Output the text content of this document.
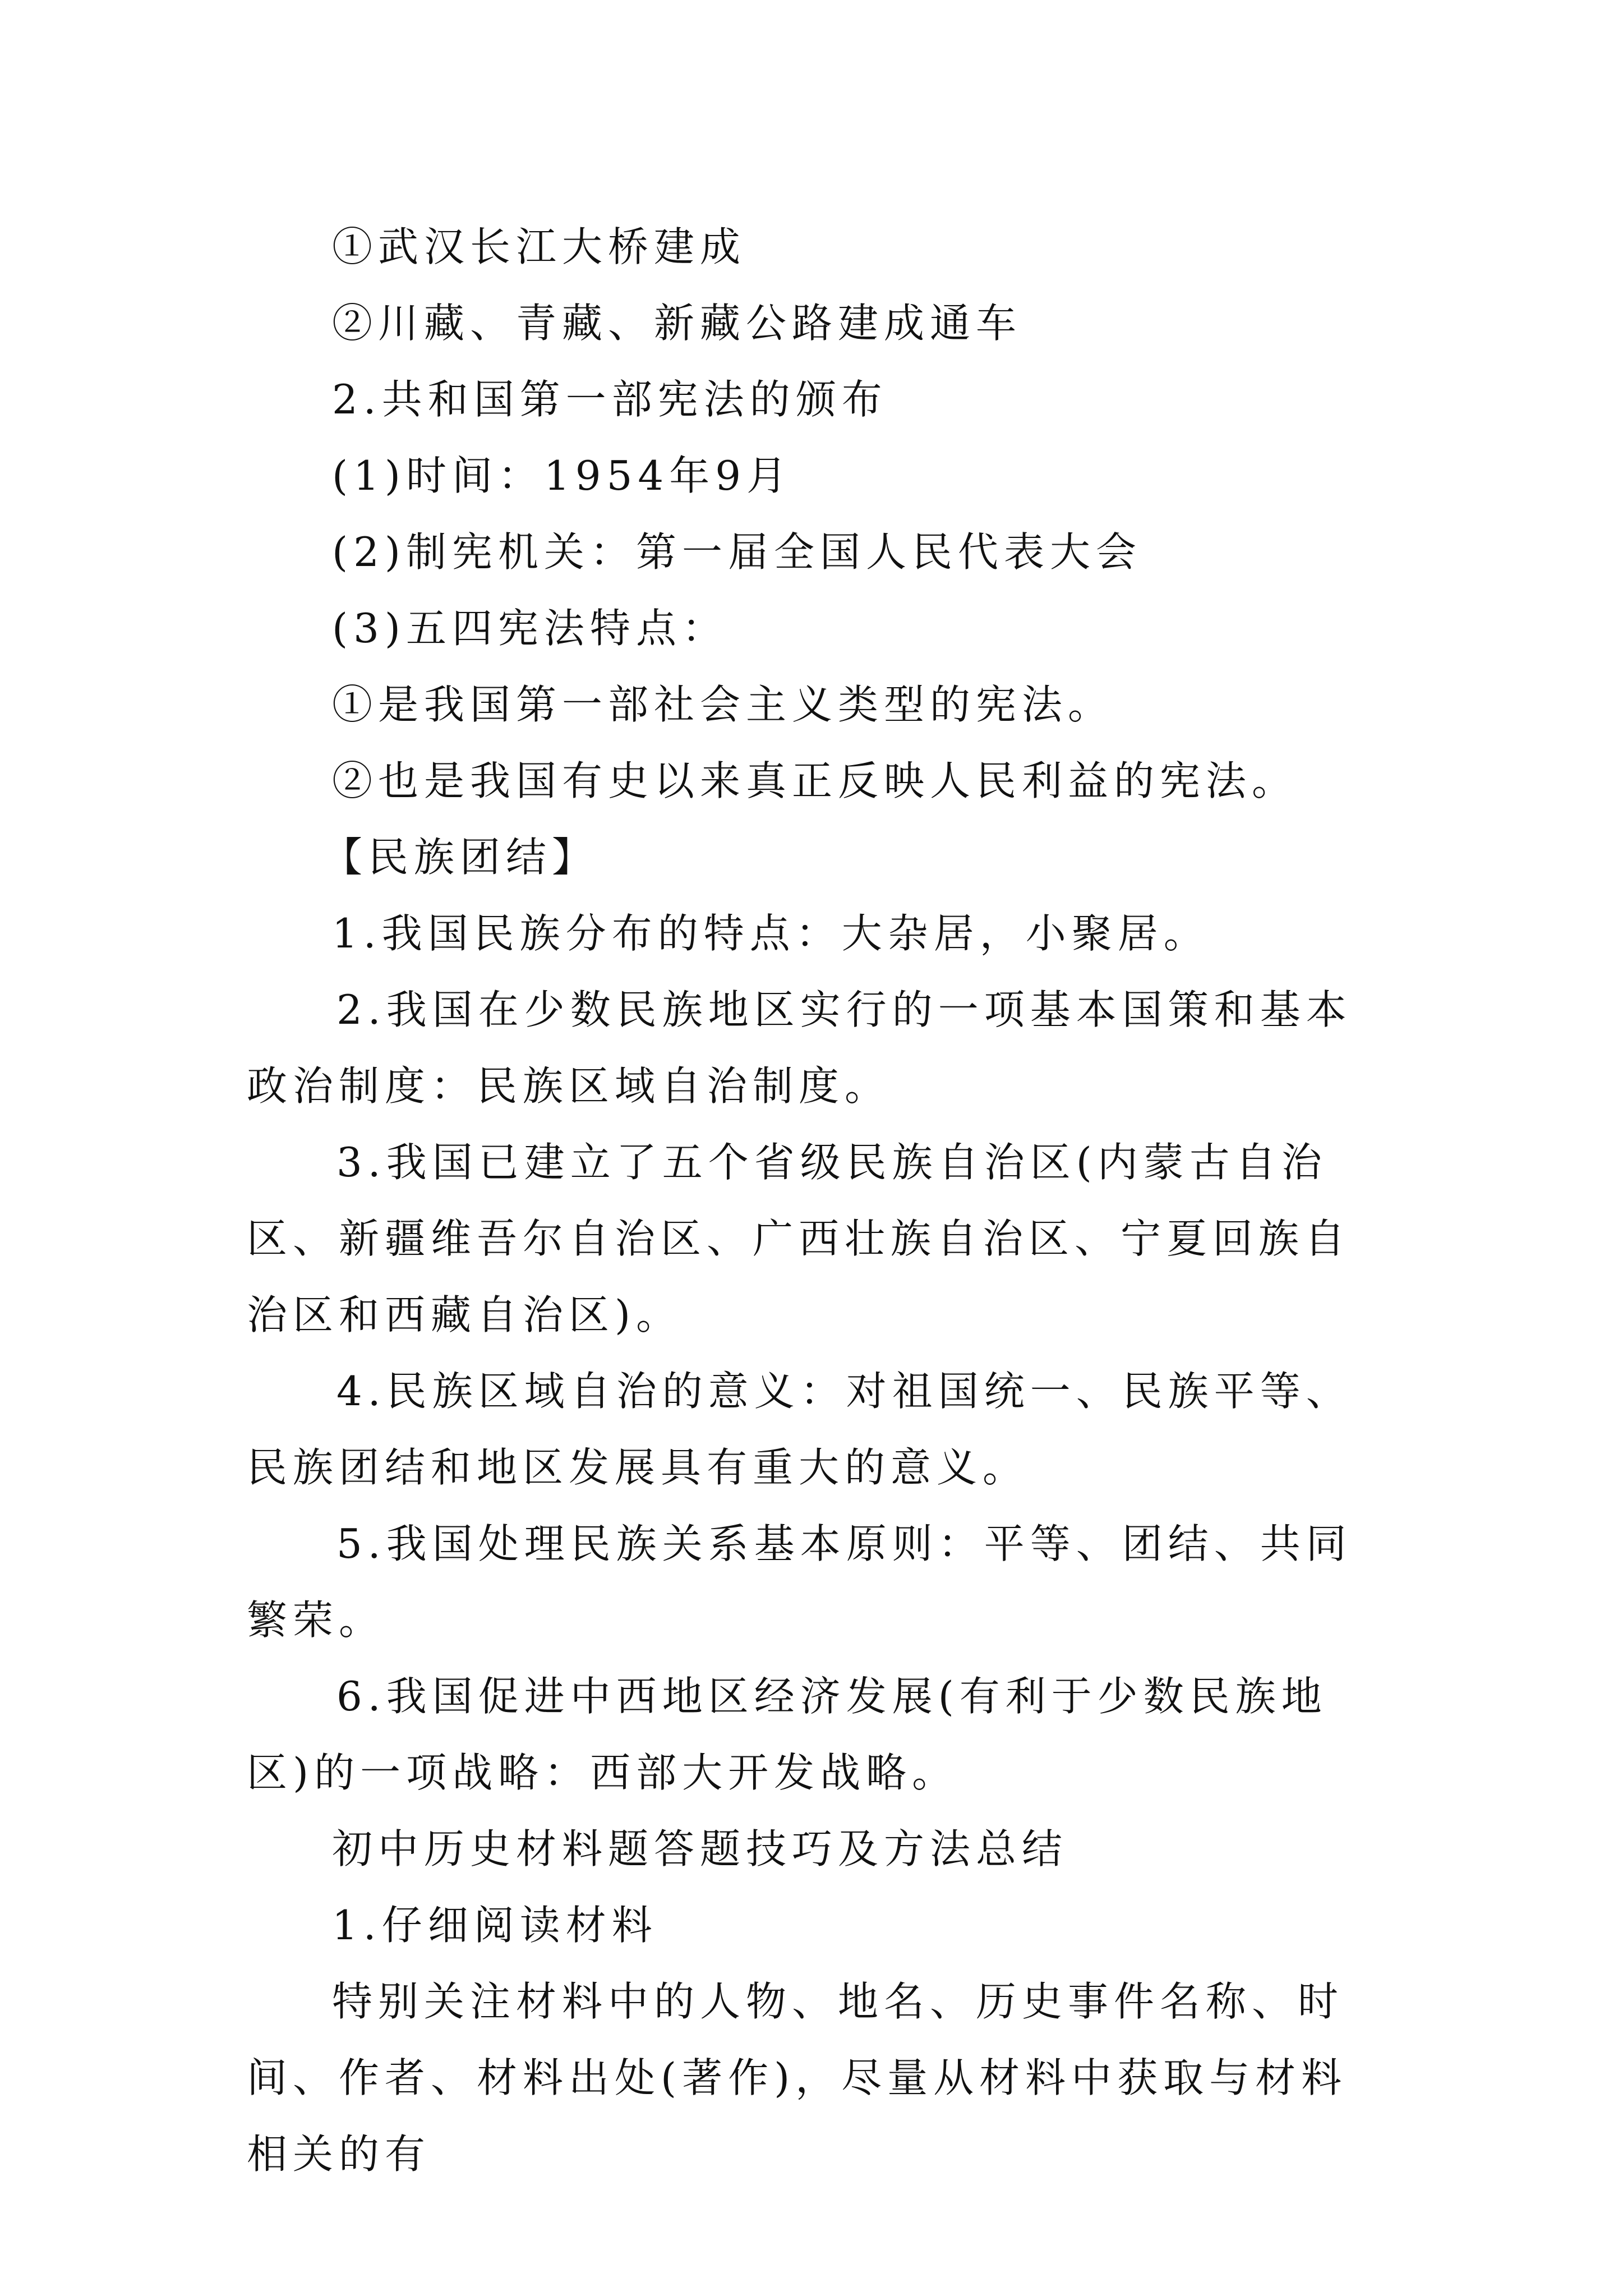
①武汉长江大桥建成

②川藏、青藏、新藏公路建成通车

2.共和国第一部宪法的颁布

(1)时间：1954年9月

(2)制宪机关：第一届全国人民代表大会

(3)五四宪法特点：

①是我国第一部社会主义类型的宪法。

②也是我国有史以来真正反映人民利益的宪法。

【民族团结】

1.我国民族分布的特点：大杂居，小聚居。

2.我国在少数民族地区实行的一项基本国策和基本政治制度：民族区域自治制度。

3.我国已建立了五个省级民族自治区(内蒙古自治区、新疆维吾尔自治区、广西壮族自治区、宁夏回族自治区和西藏自治区)。

4.民族区域自治的意义：对祖国统一、民族平等、民族团结和地区发展具有重大的意义。

5.我国处理民族关系基本原则：平等、团结、共同繁荣。

6.我国促进中西地区经济发展(有利于少数民族地区)的一项战略：西部大开发战略。

初中历史材料题答题技巧及方法总结

1.仔细阅读材料

特别关注材料中的人物、地名、历史事件名称、时间、作者、材料出处(著作)，尽量从材料中获取与材料相关的有
